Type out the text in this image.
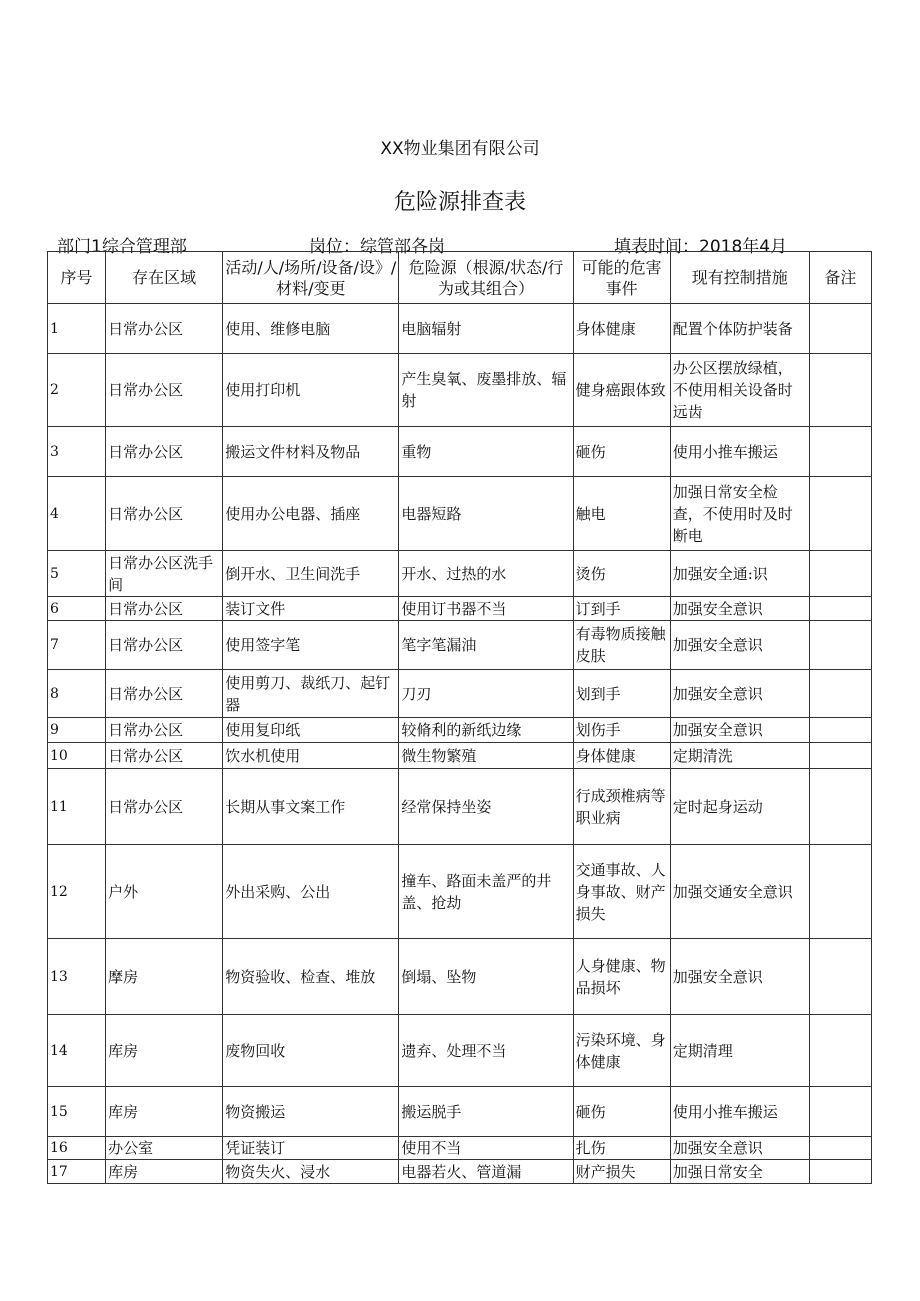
XX物业集团有限公司
危险源排查表
部门1综合管理部	岗位：综管部各岗	填表时间：2018年4月
序号	存在区域	活动/人/场所/设备/设》/材料/变更	危险源（根源/状态/行为或其组合）	可能的危害事件	现有控制措施	备注
1	日常办公区	使用、维修电脑	电脑辐射	身体健康	配置个体防护装备	
2	日常办公区	使用打印机	产生臭氧、废墨排放、辐射	健身癌跟体致	办公区摆放绿植，不使用相关设备时远齿	
3	日常办公区	搬运文件材料及物品	重物	砸伤	使用小推车搬运	
4	日常办公区	使用办公电器、插座	电器短路	触电	加强日常安全检查，不使用时及时断电	
5	日常办公区洗手间	倒开水、卫生间洗手	开水、过热的水	烫伤	加强安全通:识	
6	日常办公区	装订文件	使用订书器不当	订到手	加强安全意识	
7	日常办公区	使用签字笔	笔字笔漏油	有毒物质接触皮肤	加强安全意识	
8	日常办公区	使用剪刀、裁纸刀、起钉器	刀刃	划到手	加强安全意识	
9	日常办公区	使用复印纸	较脩利的新纸边缘	划伤手	加强安全意识	
10	日常办公区	饮水机使用	微生物繁殖	身体健康	定期清洗	
11	日常办公区	长期从事文案工作	经常保持坐姿	行成颈椎病等职业病	定时起身运动	
12	户外	外出采购、公出	撞车、路面未盖严的井盖、抢劫	交通事故、人身事故、财产损失	加强交通安全意识	
13	摩房	物资验收、检查、堆放	倒塌、坠物	人身健康、物品损坏	加强安全意识	
14	库房	废物回收	遗弃、处理不当	污染环境、身体健康	定期清理	
15	库房	物资搬运	搬运脱手	砸伤	使用小推车搬运	
16	办公室	凭证装订	使用不当	扎伤	加强安全意识	
17	库房	物资失火、浸水	电器若火、管道漏	财产损失	加强日常安全	
